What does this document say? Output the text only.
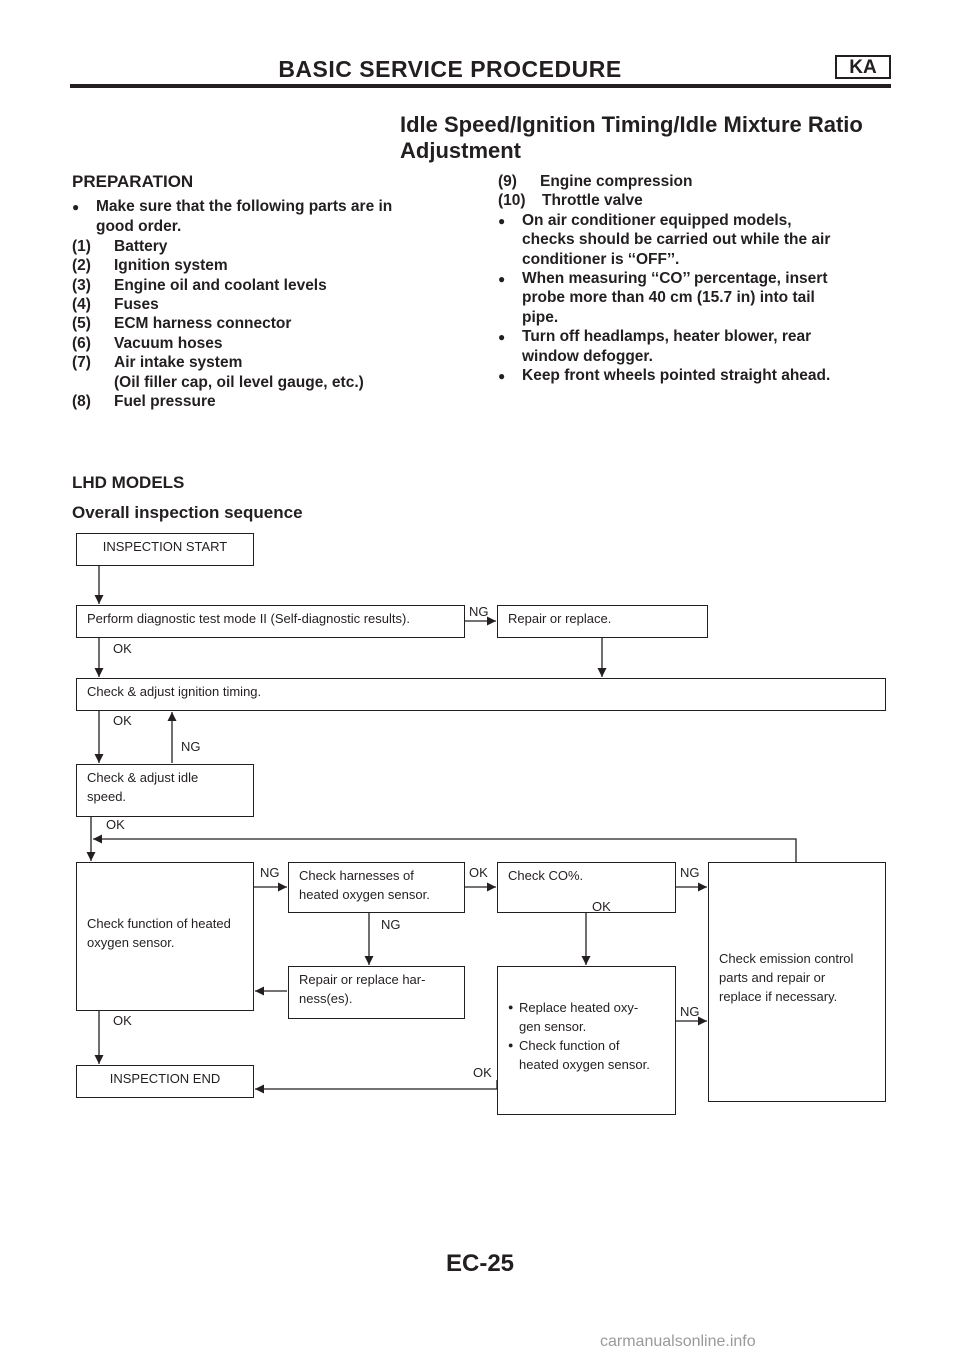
BASIC SERVICE PROCEDURE	KA
Idle Speed/Ignition Timing/Idle Mixture Ratio
Adjustment
PREPARATION
●
Make sure that the following parts are in
good order.
(1)	Battery
(2)	Ignition system
(3)	Engine oil and coolant levels
(4)	Fuses
(5)	ECM harness connector
(6)	Vacuum hoses
(7)	Air intake system
(Oil filler cap, oil level gauge, etc.)
(8)	Fuel pressure
(9)	Engine compression
(10)	Throttle valve
●
On air conditioner equipped models,
checks should be carried out while the air
conditioner is ‘‘OFF’’.
●
When measuring ‘‘CO’’ percentage, insert
probe more than 40 cm (15.7 in) into tail
pipe.
●
Turn off headlamps, heater blower, rear
window defogger.
●
Keep front wheels pointed straight ahead.
LHD MODELS
Overall inspection sequence
INSPECTION START
Perform diagnostic test mode II (Self-diagnostic results).	Repair or replace.
Check & adjust ignition timing.
Check & adjust idle
speed.
Check function of heated
oxygen sensor.
Check harnesses of
heated oxygen sensor.
Check CO%.
Check emission control
parts and repair or
replace if necessary.
Repair or replace har-
ness(es).
● Replace heated oxy-
gen sensor.
● Check function of
heated oxygen sensor.
INSPECTION END
NG
OK
OK
NG
OK
NG	OK	NG
NG
OK
NG
OK
OK
EC-25
carmanualsonline.info
